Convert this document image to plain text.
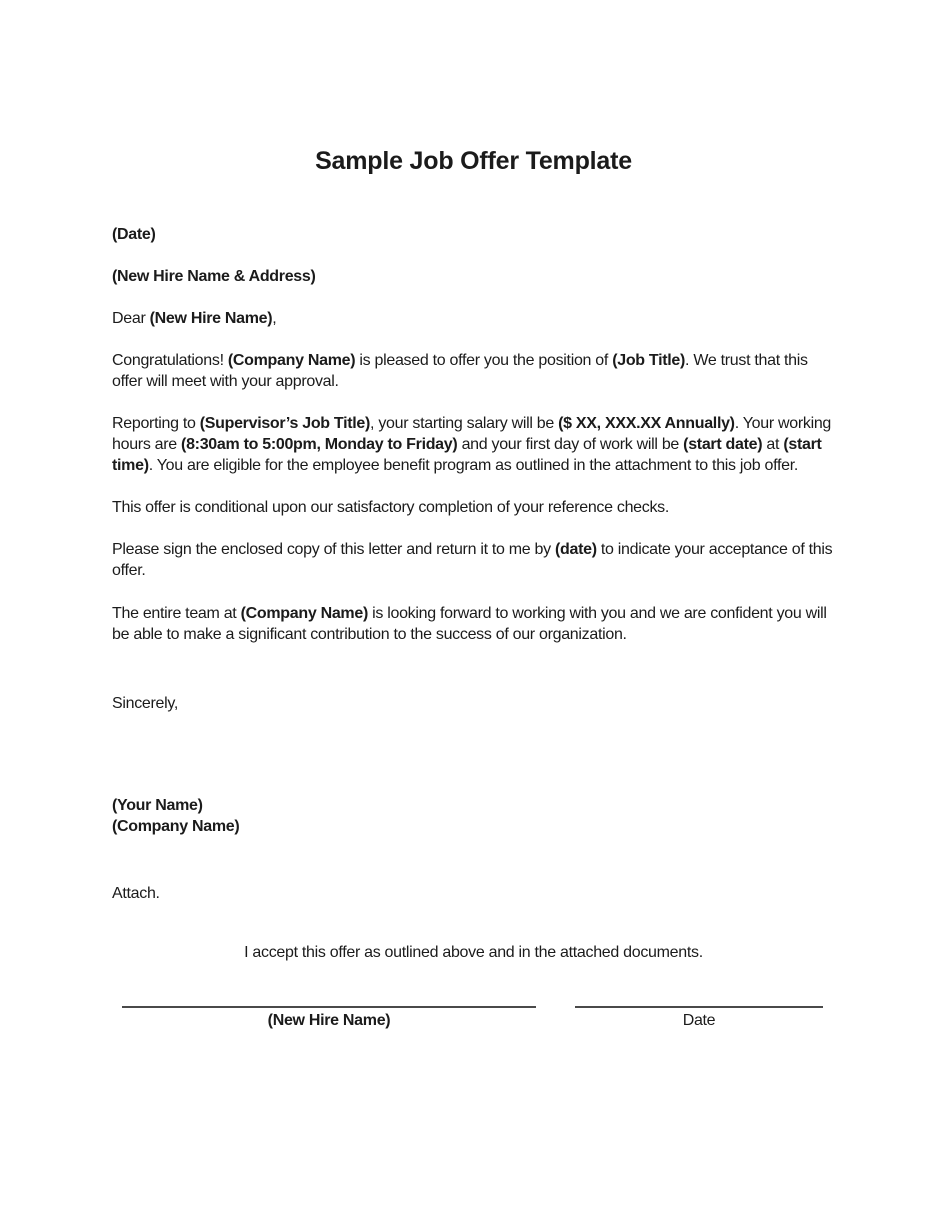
Sample Job Offer Template
(Date)
(New Hire Name & Address)
Dear (New Hire Name),
Congratulations! (Company Name) is pleased to offer you the position of (Job Title). We trust that this
offer will meet with your approval.
Reporting to (Supervisor’s Job Title), your starting salary will be ($ XX, XXX.XX Annually). Your working
hours are (8:30am to 5:00pm, Monday to Friday) and your first day of work will be (start date) at (start
time). You are eligible for the employee benefit program as outlined in the attachment to this job offer.
This offer is conditional upon our satisfactory completion of your reference checks.
Please sign the enclosed copy of this letter and return it to me by (date) to indicate your acceptance of this
offer.
The entire team at (Company Name) is looking forward to working with you and we are confident you will
be able to make a significant contribution to the success of our organization.
Sincerely,
(Your Name)
(Company Name)
Attach.
I accept this offer as outlined above and in the attached documents.
(New Hire Name)	Date
